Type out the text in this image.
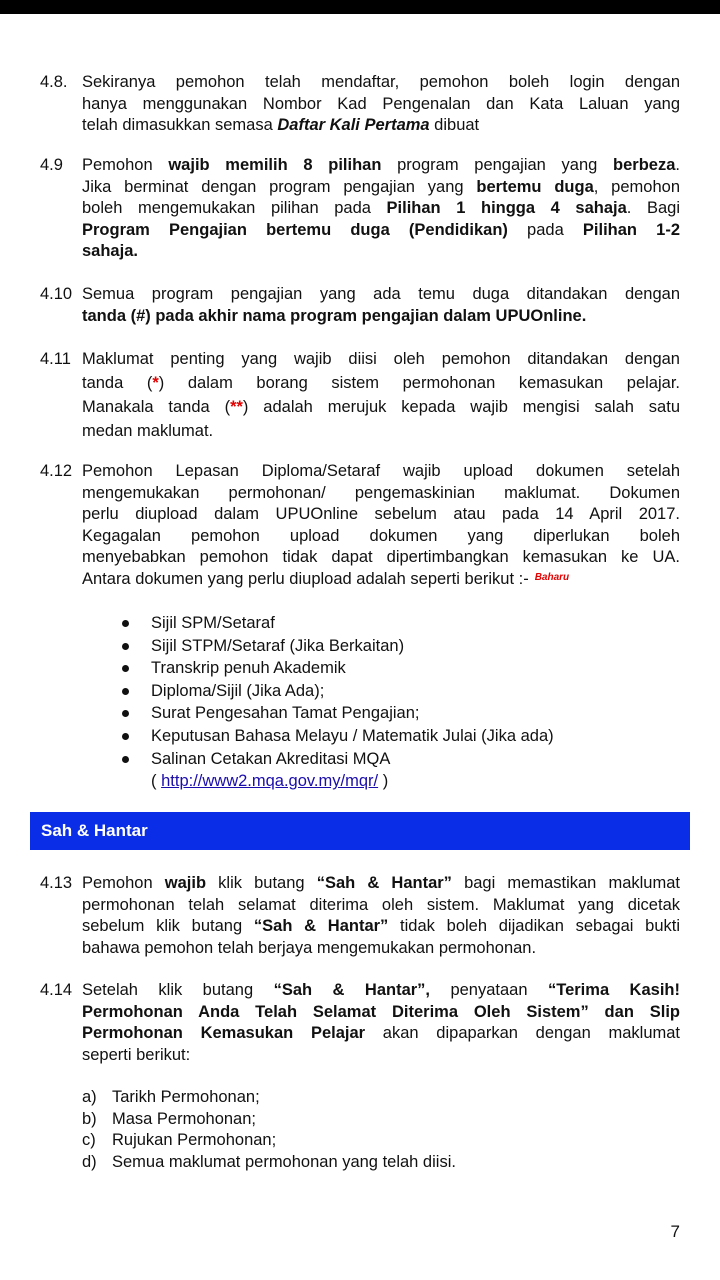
4.8. Sekiranya pemohon telah mendaftar, pemohon boleh login dengan
hanya menggunakan Nombor Kad Pengenalan dan Kata Laluan yang
telah dimasukkan semasa Daftar Kali Pertama dibuat
4.9 Pemohon wajib memilih 8 pilihan program pengajian yang berbeza.
Jika berminat dengan program pengajian yang bertemu duga, pemohon
boleh mengemukakan pilihan pada Pilihan 1 hingga 4 sahaja. Bagi
Program Pengajian bertemu duga (Pendidikan) pada Pilihan 1-2
sahaja.
4.10 Semua program pengajian yang ada temu duga ditandakan dengan
tanda (#) pada akhir nama program pengajian dalam UPUOnline.
4.11 Maklumat penting yang wajib diisi oleh pemohon ditandakan dengan
tanda (*) dalam borang sistem permohonan kemasukan pelajar.
Manakala tanda (**) adalah merujuk kepada wajib mengisi salah satu
medan maklumat.
4.12 Pemohon Lepasan Diploma/Setaraf wajib upload dokumen setelah
mengemukakan permohonan/ pengemaskinian maklumat. Dokumen
perlu diupload dalam UPUOnline sebelum atau pada 14 April 2017.
Kegagalan pemohon upload dokumen yang diperlukan boleh
menyebabkan pemohon tidak dapat dipertimbangkan kemasukan ke UA.
Antara dokumen yang perlu diupload adalah seperti berikut :- $^{Baharu}$
Sijil SPM/Setaraf
Sijil STPM/Setaraf (Jika Berkaitan)
Transkrip penuh Akademik
Diploma/Sijil (Jika Ada);
Surat Pengesahan Tamat Pengajian;
Keputusan Bahasa Melayu / Matematik Julai (Jika ada)
Salinan Cetakan Akreditasi MQA
( http://www2.mqa.gov.my/mqr/ )
Sah & Hantar
4.13 Pemohon wajib klik butang “Sah & Hantar” bagi memastikan maklumat
permohonan telah selamat diterima oleh sistem. Maklumat yang dicetak
sebelum klik butang “Sah & Hantar” tidak boleh dijadikan sebagai bukti
bahawa pemohon telah berjaya mengemukakan permohonan.
4.14 Setelah klik butang “Sah & Hantar”, penyataan “Terima Kasih!
Permohonan Anda Telah Selamat Diterima Oleh Sistem” dan Slip
Permohonan Kemasukan Pelajar akan dipaparkan dengan maklumat
seperti berikut:
a) Tarikh Permohonan;
b) Masa Permohonan;
c) Rujukan Permohonan;
d) Semua maklumat permohonan yang telah diisi.
7
